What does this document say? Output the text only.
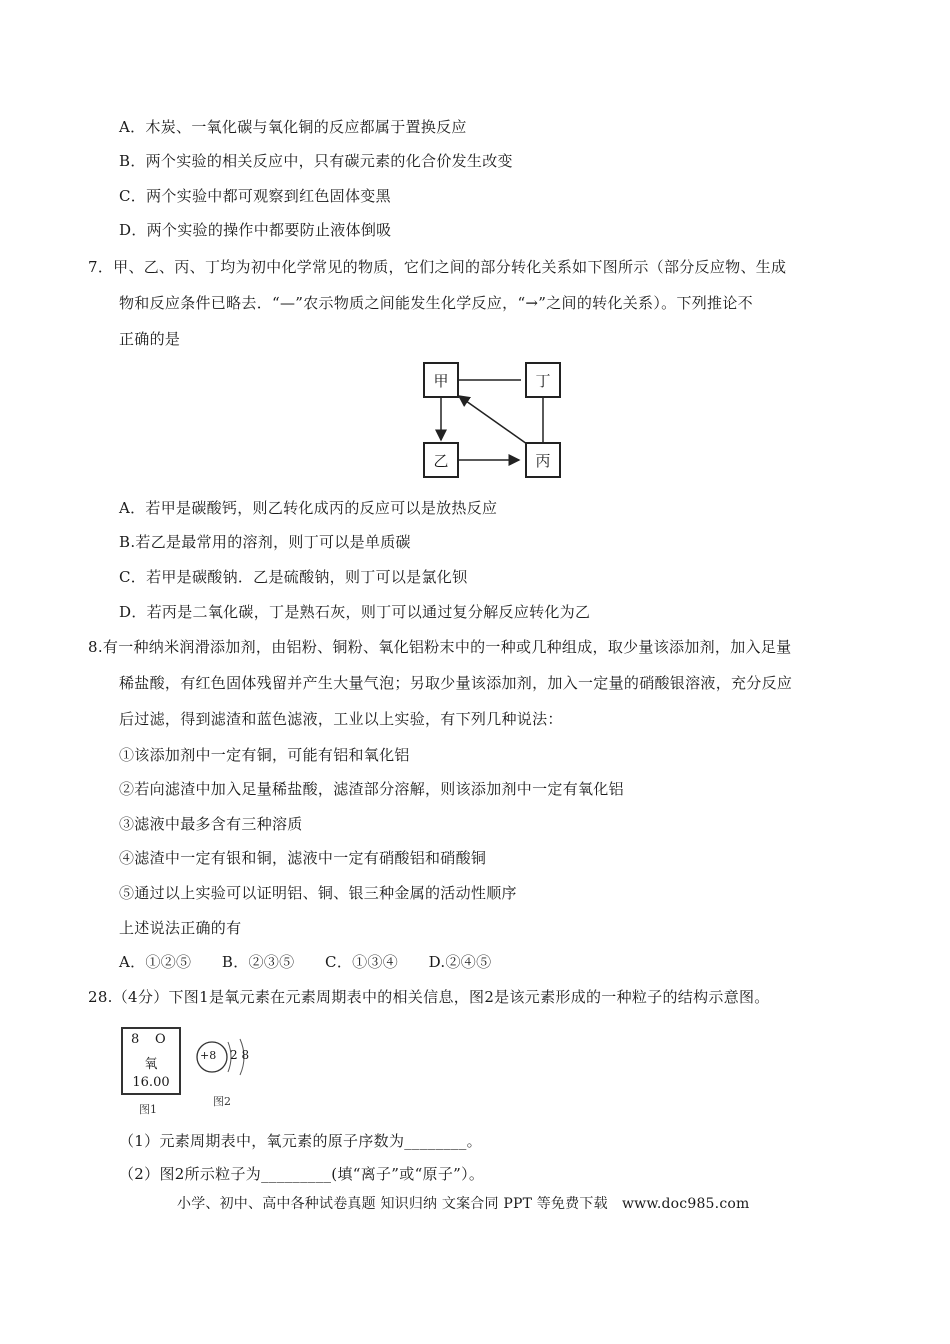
A．木炭、一氧化碳与氧化铜的反应都属于置换反应
B．两个实验的相关反应中，只有碳元素的化合价发生改变
C．两个实验中都可观察到红色固体变黑
D．两个实验的操作中都要防止液体倒吸
7．甲、乙、丙、丁均为初中化学常见的物质，它们之间的部分转化关系如下图所示（部分反应物、生成
物和反应条件已略去．“—”农示物质之间能发生化学反应，“→”之间的转化关系）。下列推论不
正确的是
甲	丁
乙	丙
A．若甲是碳酸钙，则乙转化成丙的反应可以是放热反应
B.若乙是最常用的溶剂，则丁可以是单质碳
C．若甲是碳酸钠．乙是硫酸钠，则丁可以是氯化钡
D．若丙是二氧化碳，丁是熟石灰，则丁可以通过复分解反应转化为乙
8.有一种纳米润滑添加剂，由铝粉、铜粉、氧化铝粉末中的一种或几种组成，取少量该添加剂，加入足量
稀盐酸，有红色固体残留并产生大量气泡；另取少量该添加剂，加入一定量的硝酸银溶液，充分反应
后过滤，得到滤渣和蓝色滤液，工业以上实验，有下列几种说法：
①该添加剂中一定有铜，可能有铝和氧化铝
②若向滤渣中加入足量稀盐酸，滤渣部分溶解，则该添加剂中一定有氧化铝
③滤液中最多含有三种溶质
④滤渣中一定有银和铜，滤液中一定有硝酸铝和硝酸铜
⑤通过以上实验可以证明铝、铜、银三种金属的活动性顺序
上述说法正确的有
A．①②⑤　　B．②③⑤　　C．①③④　　D.②④⑤
28.（4分）下图1是氧元素在元素周期表中的相关信息，图2是该元素形成的一种粒子的结构示意图。
8 O
氧
16.00
图1
+8 2 8
图2
（1）元素周期表中，氧元素的原子序数为________。
（2）图2所示粒子为_________(填“离子”或“原子”）。
小学、初中、高中各种试卷真题 知识归纳 文案合同 PPT 等免费下载　www.doc985.com
